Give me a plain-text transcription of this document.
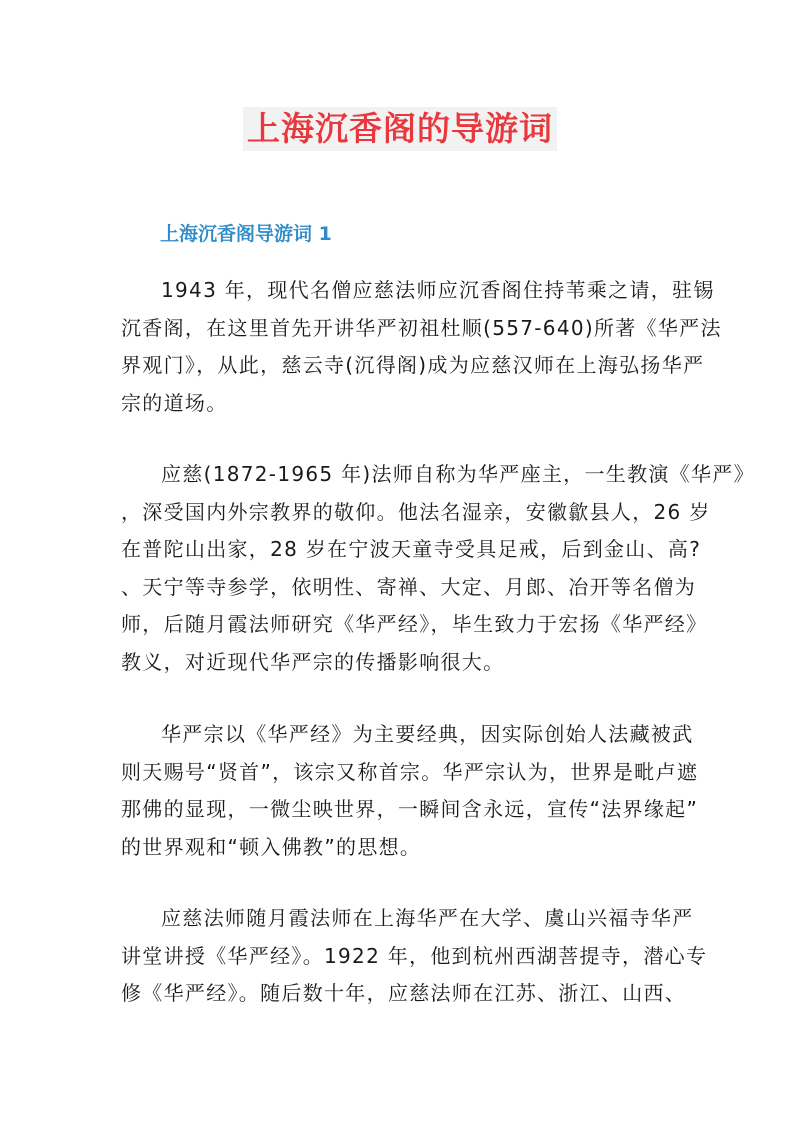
上海沉香阁的导游词
上海沉香阁导游词 1
1943 年，现代名僧应慈法师应沉香阁住持苇乘之请，驻锡
沉香阁，在这里首先开讲华严初祖杜顺(557-640)所著《华严法
界观门》，从此，慈云寺(沉得阁)成为应慈汉师在上海弘扬华严
宗的道场。
应慈(1872-1965 年)法师自称为华严座主，一生教演《华严》
，深受国内外宗教界的敬仰。他法名湿亲，安徽歙县人，26 岁
在普陀山出家，28 岁在宁波天童寺受具足戒，后到金山、高?
、天宁等寺参学，依明性、寄禅、大定、月郎、冶开等名僧为
师，后随月霞法师研究《华严经》，毕生致力于宏扬《华严经》
教义，对近现代华严宗的传播影响很大。
华严宗以《华严经》为主要经典，因实际创始人法藏被武
则天赐号“贤首”，该宗又称首宗。华严宗认为，世界是毗卢遮
那佛的显现，一微尘映世界，一瞬间含永远，宣传“法界缘起”
的世界观和“顿入佛教”的思想。
应慈法师随月霞法师在上海华严在大学、虞山兴福寺华严
讲堂讲授《华严经》。1922 年，他到杭州西湖菩提寺，潜心专
修《华严经》。随后数十年，应慈法师在江苏、浙江、山西、
